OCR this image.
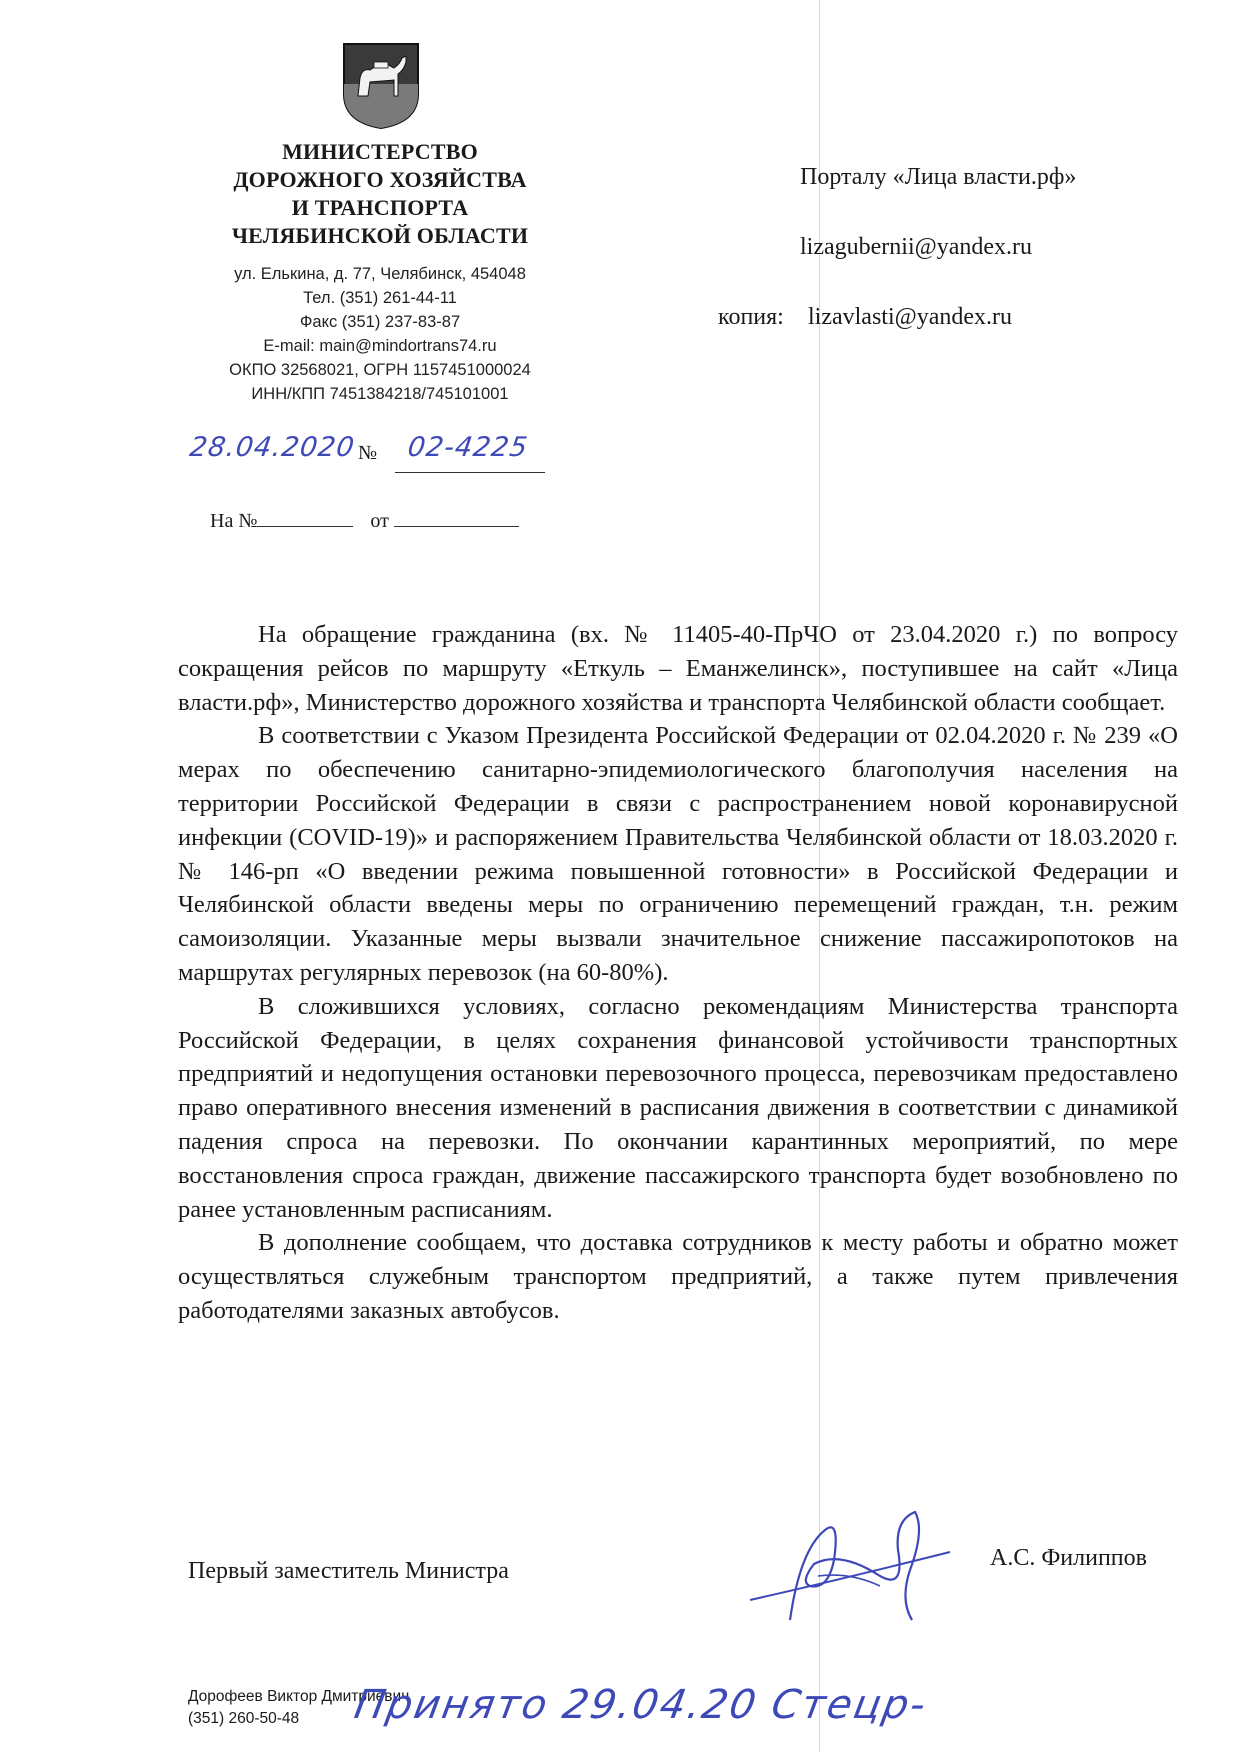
МИНИСТЕРСТВО
ДОРОЖНОГО ХОЗЯЙСТВА
И ТРАНСПОРТА
ЧЕЛЯБИНСКОЙ ОБЛАСТИ
ул. Елькина, д. 77, Челябинск, 454048
Тел. (351) 261-44-11
Факс (351) 237-83-87
E-mail: main@mindortrans74.ru
ОКПО 32568021, ОГРН 1157451000024
ИНН/КПП 7451384218/745101001
28.04.2020 № 02-4225
На №	от
Порталу «Лица власти.рф»
lizagubernii@yandex.ru
копия: lizavlasti@yandex.ru

На обращение гражданина (вх. № 11405-40-ПрЧО от 23.04.2020 г.) по вопросу сокращения рейсов по маршруту «Еткуль – Еманжелинск», поступившее на сайт «Лица власти.рф», Министерство дорожного хозяйства и транспорта Челябинской области сообщает.

В соответствии с Указом Президента Российской Федерации от 02.04.2020 г. № 239 «О мерах по обеспечению санитарно-эпидемиологического благополучия населения на территории Российской Федерации в связи с распространением новой коронавирусной инфекции (COVID-19)» и распоряжением Правительства Челябинской области от 18.03.2020 г. № 146-рп «О введении режима повышенной готовности» в Российской Федерации и Челябинской области введены меры по ограничению перемещений граждан, т.н. режим самоизоляции. Указанные меры вызвали значительное снижение пассажиропотоков на маршрутах регулярных перевозок (на 60-80%).

В сложившихся условиях, согласно рекомендациям Министерства транспорта Российской Федерации, в целях сохранения финансовой устойчивости транспортных предприятий и недопущения остановки перевозочного процесса, перевозчикам предоставлено право оперативного внесения изменений в расписания движения в соответствии с динамикой падения спроса на перевозки. По окончании карантинных мероприятий, по мере восстановления спроса граждан, движение пассажирского транспорта будет возобновлено по ранее установленным расписаниям.

В дополнение сообщаем, что доставка сотрудников к месту работы и обратно может осуществляться служебным транспортом предприятий, а также путем привлечения работодателями заказных автобусов.

Первый заместитель Министра	А.С. Филиппов
Дорофеев Виктор Дмитриевич
(351) 260-50-48	Принято 29.04.20 Стецр-
